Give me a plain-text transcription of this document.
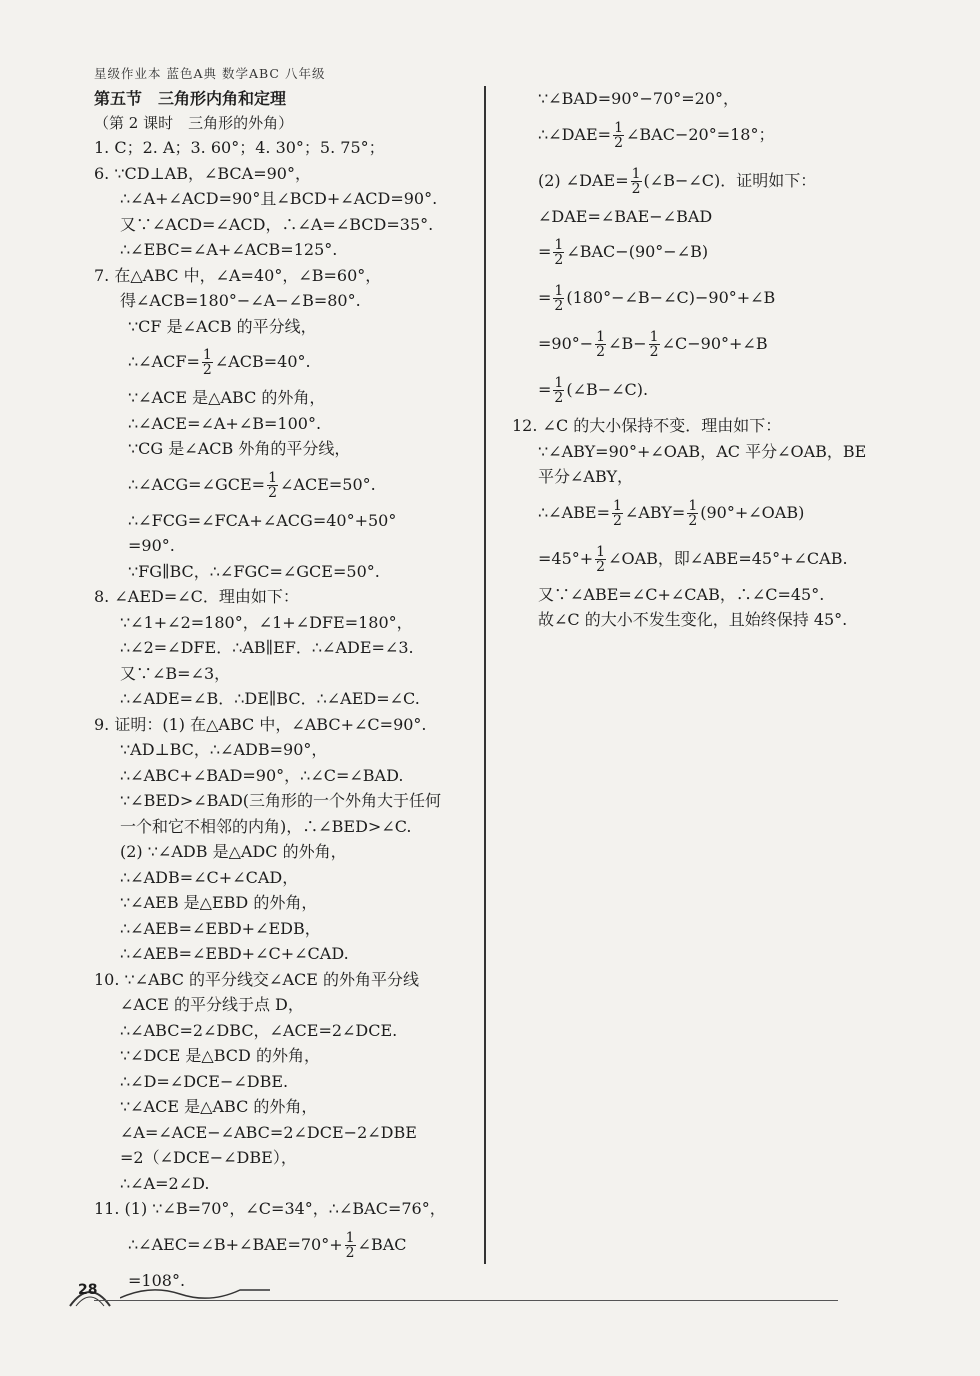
星级作业本 蓝色A典 数学ABC 八年级
第五节　三角形内角和定理
（第 2 课时　三角形的外角）
1. C；2. A；3. 60°；4. 30°；5. 75°；
6. ∵CD⊥AB，∠BCA=90°，
∴∠A+∠ACD=90°且∠BCD+∠ACD=90°.
又∵∠ACD=∠ACD，∴∠A=∠BCD=35°.
∴∠EBC=∠A+∠ACB=125°.
7. 在△ABC 中，∠A=40°，∠B=60°，
得∠ACB=180°−∠A−∠B=80°.
∵CF 是∠ACB 的平分线，
∴∠ACF= $\frac{1}{2}$ ∠ACB=40°.
∵∠ACE 是△ABC 的外角，
∴∠ACE=∠A+∠B=100°.
∵CG 是∠ACB 外角的平分线，
∴∠ACG=∠GCE= $\frac{1}{2}$ ∠ACE=50°.
∴∠FCG=∠FCA+∠ACG=40°+50°
=90°.
∵FG∥BC，∴∠FGC=∠GCE=50°.
8. ∠AED=∠C．理由如下：
∵∠1+∠2=180°，∠1+∠DFE=180°，
∴∠2=∠DFE．∴AB∥EF．∴∠ADE=∠3.
又∵∠B=∠3，
∴∠ADE=∠B．∴DE∥BC．∴∠AED=∠C.
9. 证明：(1) 在△ABC 中，∠ABC+∠C=90°.
∵AD⊥BC，∴∠ADB=90°，
∴∠ABC+∠BAD=90°，∴∠C=∠BAD.
∵∠BED>∠BAD(三角形的一个外角大于任何
一个和它不相邻的内角)，∴∠BED>∠C.
(2) ∵∠ADB 是△ADC 的外角，
∴∠ADB=∠C+∠CAD，
∵∠AEB 是△EBD 的外角，
∴∠AEB=∠EBD+∠EDB，
∴∠AEB=∠EBD+∠C+∠CAD.
10. ∵∠ABC 的平分线交∠ACE 的外角平分线
∠ACE 的平分线于点 D，
∴∠ABC=2∠DBC，∠ACE=2∠DCE.
∵∠DCE 是△BCD 的外角，
∴∠D=∠DCE−∠DBE.
∵∠ACE 是△ABC 的外角，
∠A=∠ACE−∠ABC=2∠DCE−2∠DBE
=2（∠DCE−∠DBE），
∴∠A=2∠D.
11. (1) ∵∠B=70°，∠C=34°，∴∠BAC=76°，
∴∠AEC=∠B+∠BAE=70°+ $\frac{1}{2}$ ∠BAC
=108°.
∵∠BAD=90°−70°=20°，
∴∠DAE= $\frac{1}{2}$ ∠BAC−20°=18°；
(2) ∠DAE= $\frac{1}{2}$ (∠B−∠C)．证明如下：
∠DAE=∠BAE−∠BAD
= $\frac{1}{2}$ ∠BAC−(90°−∠B)
= $\frac{1}{2}$ (180°−∠B−∠C)−90°+∠B
$=90^\circ- \frac{1}{2}$ ∠B− $\frac{1}{2}$ ∠C−90°+∠B
= $\frac{1}{2}$ (∠B−∠C).
12. ∠C 的大小保持不变．理由如下：
∵∠ABY=90°+∠OAB，AC 平分∠OAB，BE
平分∠ABY，
∴∠ABE= $\frac{1}{2}$ ∠ABY= $\frac{1}{2}$ (90°+∠OAB)
$=45^\circ+ \frac{1}{2}$ ∠OAB，即∠ABE=45°+∠CAB.
又∵∠ABE=∠C+∠CAB，∴∠C=45°.
故∠C 的大小不发生变化，且始终保持 45°.
28
